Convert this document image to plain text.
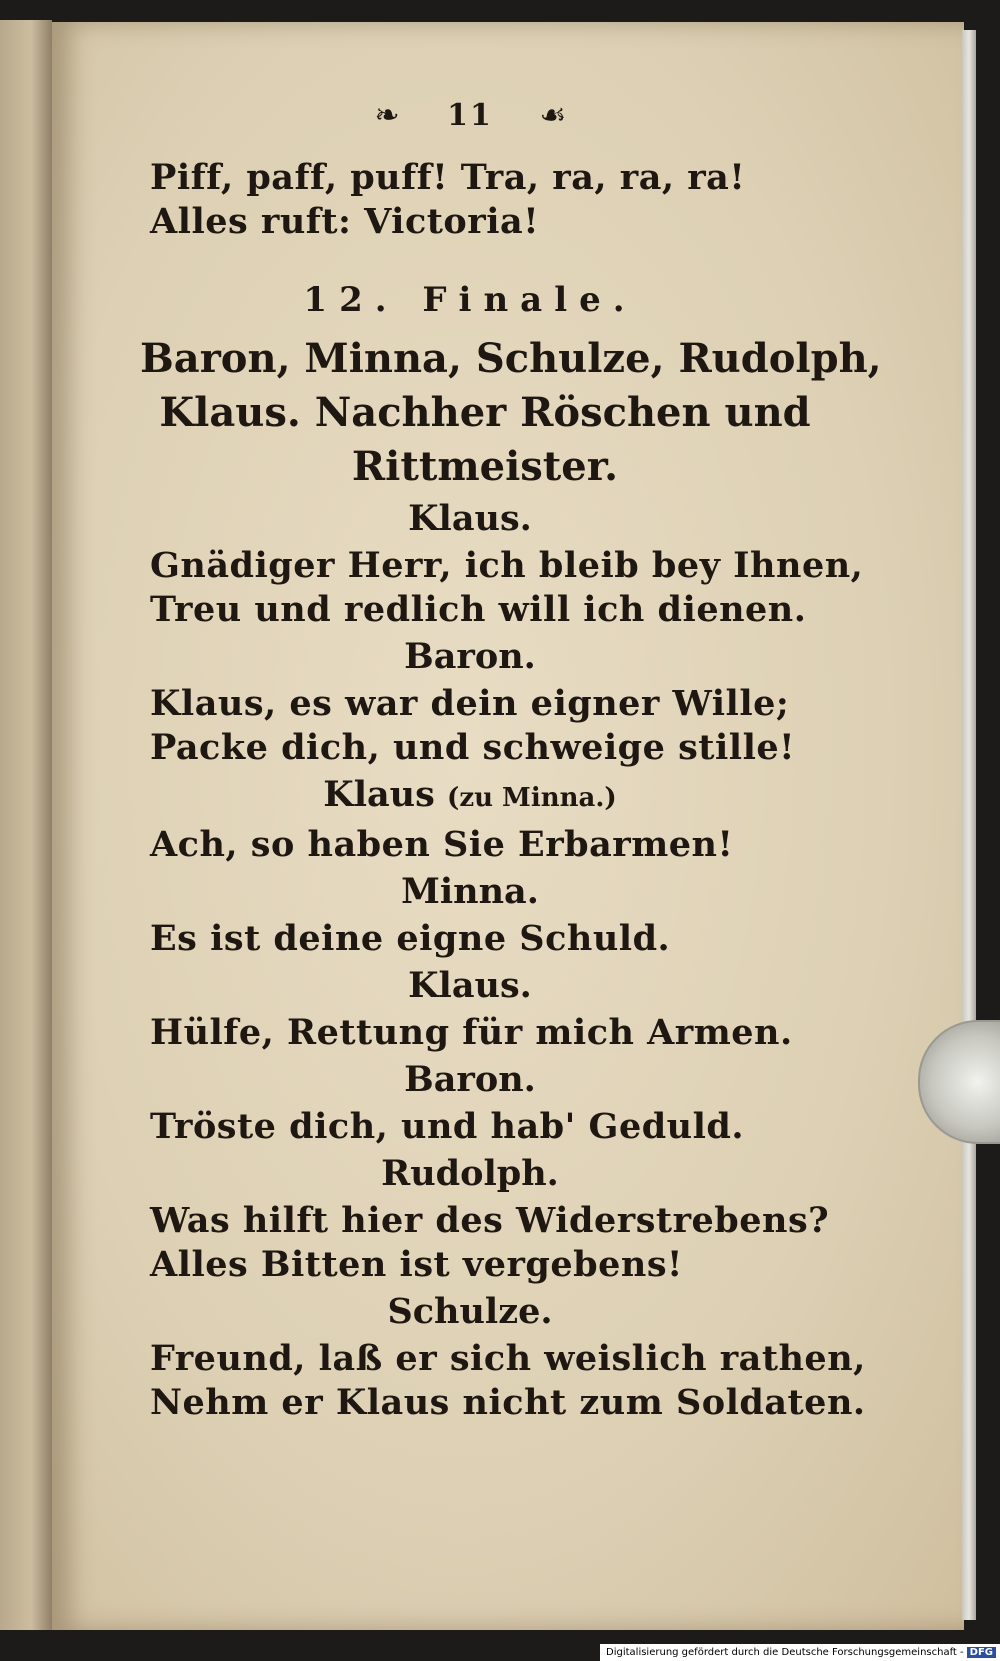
❧	11	☙
Piff, paff, puff! Tra, ra, ra, ra!
Alles ruft: Victoria!
12. Finale.
Baron, Minna, Schulze, Rudolph,
Klaus. Nachher Röschen und
Rittmeister.
Klaus.
Gnädiger Herr, ich bleib bey Ihnen,
Treu und redlich will ich dienen.
Baron.
Klaus, es war dein eigner Wille;
Packe dich, und schweige stille!
Klaus (zu Minna.)
Ach, so haben Sie Erbarmen!
Minna.
Es ist deine eigne Schuld.
Klaus.
Hülfe, Rettung für mich Armen.
Baron.
Tröste dich, und hab' Geduld.
Rudolph.
Was hilft hier des Widerstrebens?
Alles Bitten ist vergebens!
Schulze.
Freund, laß er sich weislich rathen,
Nehm er Klaus nicht zum Soldaten.
Digitalisierung gefördert durch die Deutsche Forschungsgemeinschaft - DFG
